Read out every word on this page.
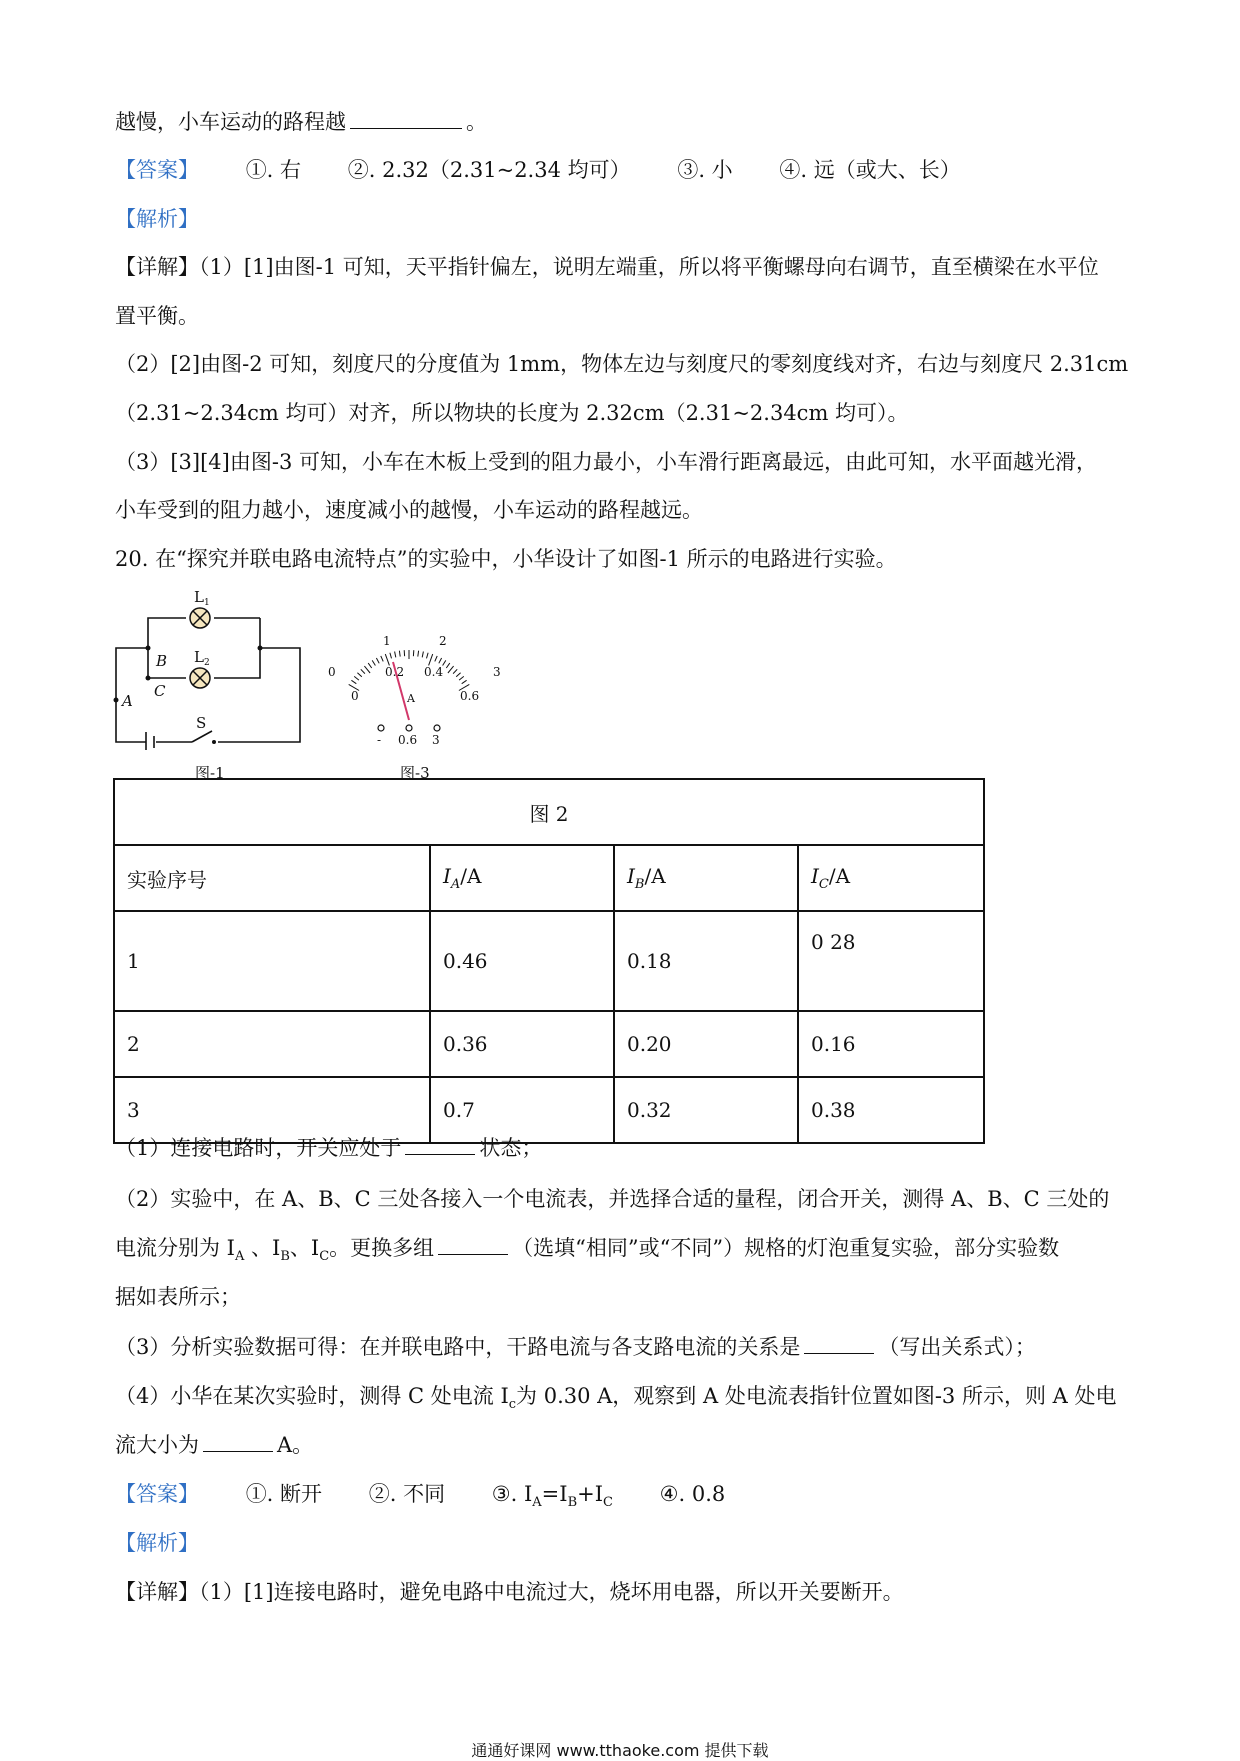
越慢，小车运动的路程越	。
【答案】 ①. 右 ②. 2.32（2.31~2.34 均可） ③. 小 ④. 远（或大、长）
【解析】
【详解】（1）[1]由图-1 可知，天平指针偏左，说明左端重，所以将平衡螺母向右调节，直至横梁在水平位
置平衡。
（2）[2]由图-2 可知，刻度尺的分度值为 1mm，物体左边与刻度尺的零刻度线对齐，右边与刻度尺 2.31cm
（2.31~2.34cm 均可）对齐，所以物块的长度为 2.32cm（2.31~2.34cm 均可）。
（3）[3][4]由图-3 可知，小车在木板上受到的阻力最小，小车滑行距离最远，由此可知，水平面越光滑，
小车受到的阻力越小，速度减小的越慢，小车运动的路程越远。
20. 在“探究并联电路电流特点”的实验中，小华设计了如图-1 所示的电路进行实验。
$L_1$
$L_2$
B
C
A
S
图-1
0
1	2
3
0
0.2 0.4
0.6
A
- 0.6 3
图-3
图 2			
实验序号	$I_A/A$	$I_B/A$	$I_C/A$
1	0.46	0.18	0 28
2	0.36	0.20	0.16
3	0.7	0.32	0.38
（1）连接电路时，开关应处于	状态；
（2）实验中，在 A、B、C 三处各接入一个电流表，并选择合适的量程，闭合开关，测得 A、B、C 三处的
电流分别为 $I_A$ 、$I_B$、$I_C$。更换多组	（选填“相同”或“不同”）规格的灯泡重复实验，部分实验数
据如表所示；
（3）分析实验数据可得：在并联电路中，干路电流与各支路电流的关系是	（写出关系式）；
（4）小华在某次实验时，测得 C 处电流 $I_c$为 0.30 A，观察到 A 处电流表指针位置如图-3 所示，则 A 处电
流大小为	A。
【答案】 ①. 断开 ②. 不同 ③. $I_A=I_B+I_C$ ④. 0.8
【解析】
【详解】（1）[1]连接电路时，避免电路中电流过大，烧坏用电器，所以开关要断开。
通通好课网 www.tthaoke.com 提供下载
